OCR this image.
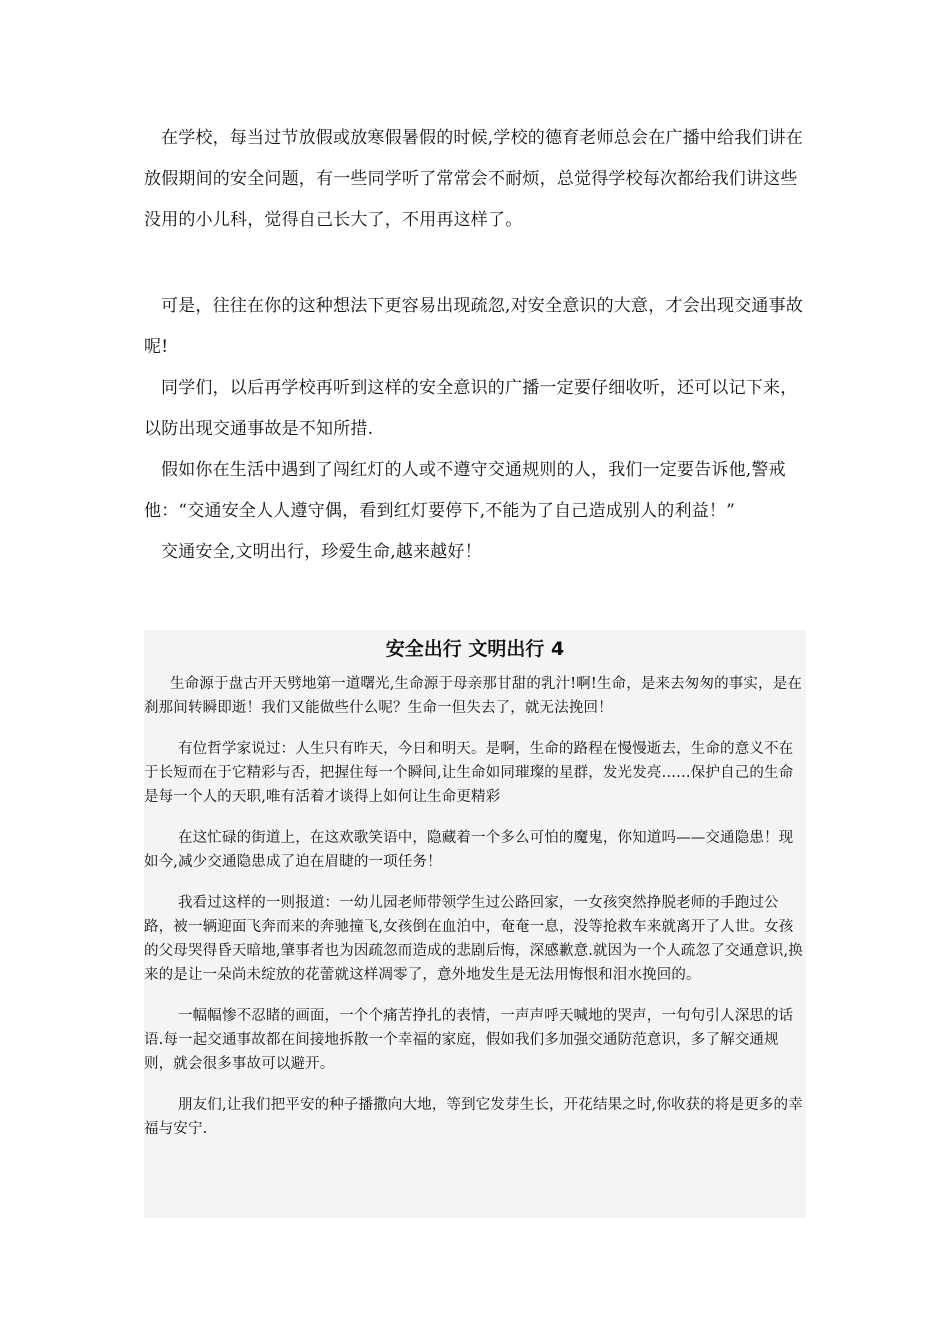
在学校，每当过节放假或放寒假暑假的时候,学校的德育老师总会在广播中给我们讲在放假期间的安全问题，有一些同学听了常常会不耐烦，总觉得学校每次都给我们讲这些没用的小儿科，觉得自己长大了，不用再这样了。

可是，往往在你的这种想法下更容易出现疏忽,对安全意识的大意，才会出现交通事故呢!

同学们，以后再学校再听到这样的安全意识的广播一定要仔细收听，还可以记下来，以防出现交通事故是不知所措.

假如你在生活中遇到了闯红灯的人或不遵守交通规则的人，我们一定要告诉他,警戒他：“交通安全人人遵守偶，看到红灯要停下,不能为了自己造成别人的利益！”

交通安全,文明出行，珍爱生命,越来越好！

安全出行 文明出行 4

生命源于盘古开天劈地第一道曙光,生命源于母亲那甘甜的乳汁!啊!生命，是来去匆匆的事实，是在刹那间转瞬即逝！我们又能做些什么呢？生命一但失去了，就无法挽回！

有位哲学家说过：人生只有昨天，今日和明天。是啊，生命的路程在慢慢逝去，生命的意义不在于长短而在于它精彩与否，把握住每一个瞬间,让生命如同璀璨的星群，发光发亮……保护自己的生命是每一个人的天职,唯有活着才谈得上如何让生命更精彩

在这忙碌的街道上，在这欢歌笑语中，隐藏着一个多么可怕的魔鬼，你知道吗——交通隐患！现如今,减少交通隐患成了迫在眉睫的一项任务！

我看过这样的一则报道：一幼儿园老师带领学生过公路回家，一女孩突然挣脱老师的手跑过公路，被一辆迎面飞奔而来的奔驰撞飞,女孩倒在血泊中，奄奄一息，没等抢救车来就离开了人世。女孩的父母哭得昏天暗地,肇事者也为因疏忽而造成的悲剧后悔，深感歉意.就因为一个人疏忽了交通意识,换来的是让一朵尚未绽放的花蕾就这样凋零了，意外地发生是无法用悔恨和泪水挽回的。

一幅幅惨不忍睹的画面，一个个痛苦挣扎的表情，一声声呼天喊地的哭声，一句句引人深思的话语.每一起交通事故都在间接地拆散一个幸福的家庭，假如我们多加强交通防范意识，多了解交通规则，就会很多事故可以避开。

朋友们,让我们把平安的种子播撒向大地，等到它发芽生长，开花结果之时,你收获的将是更多的幸福与安宁.
